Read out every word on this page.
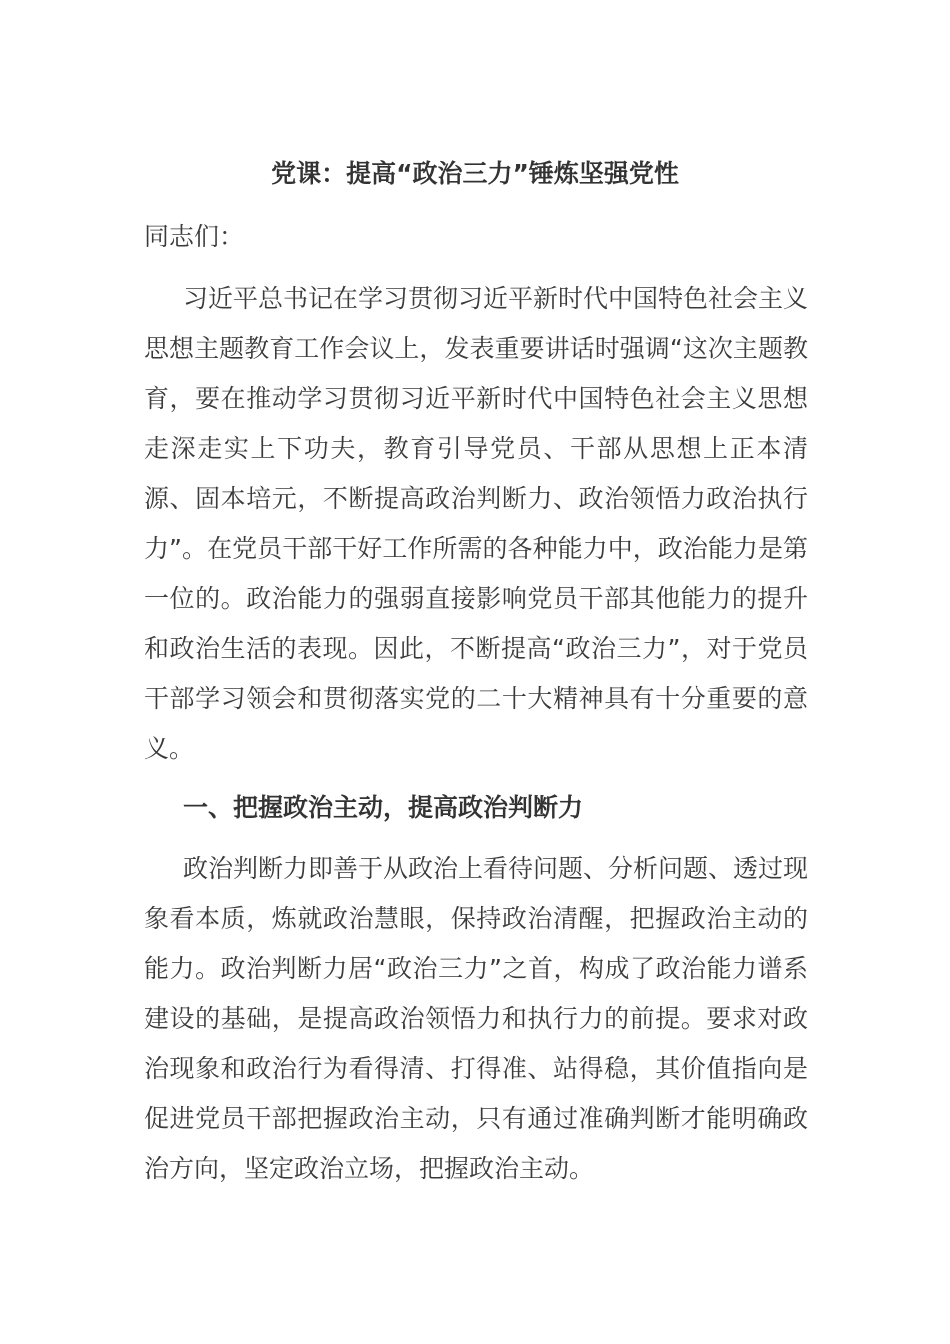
党课：提高“政治三力”锤炼坚强党性
同志们：
习近平总书记在学习贯彻习近平新时代中国特色社会主义思想主题教育工作会议上，发表重要讲话时强调“这次主题教育，要在推动学习贯彻习近平新时代中国特色社会主义思想走深走实上下功夫，教育引导党员、干部从思想上正本清源、固本培元，不断提高政治判断力、政治领悟力政治执行力”。在党员干部干好工作所需的各种能力中，政治能力是第一位的。政治能力的强弱直接影响党员干部其他能力的提升和政治生活的表现。因此，不断提高“政治三力”，对于党员干部学习领会和贯彻落实党的二十大精神具有十分重要的意义。
一、把握政治主动，提高政治判断力
政治判断力即善于从政治上看待问题、分析问题、透过现象看本质，炼就政治慧眼，保持政治清醒，把握政治主动的能力。政治判断力居“政治三力”之首，构成了政治能力谱系建设的基础，是提高政治领悟力和执行力的前提。要求对政治现象和政治行为看得清、打得准、站得稳，其价值指向是促进党员干部把握政治主动，只有通过准确判断才能明确政治方向，坚定政治立场，把握政治主动。
